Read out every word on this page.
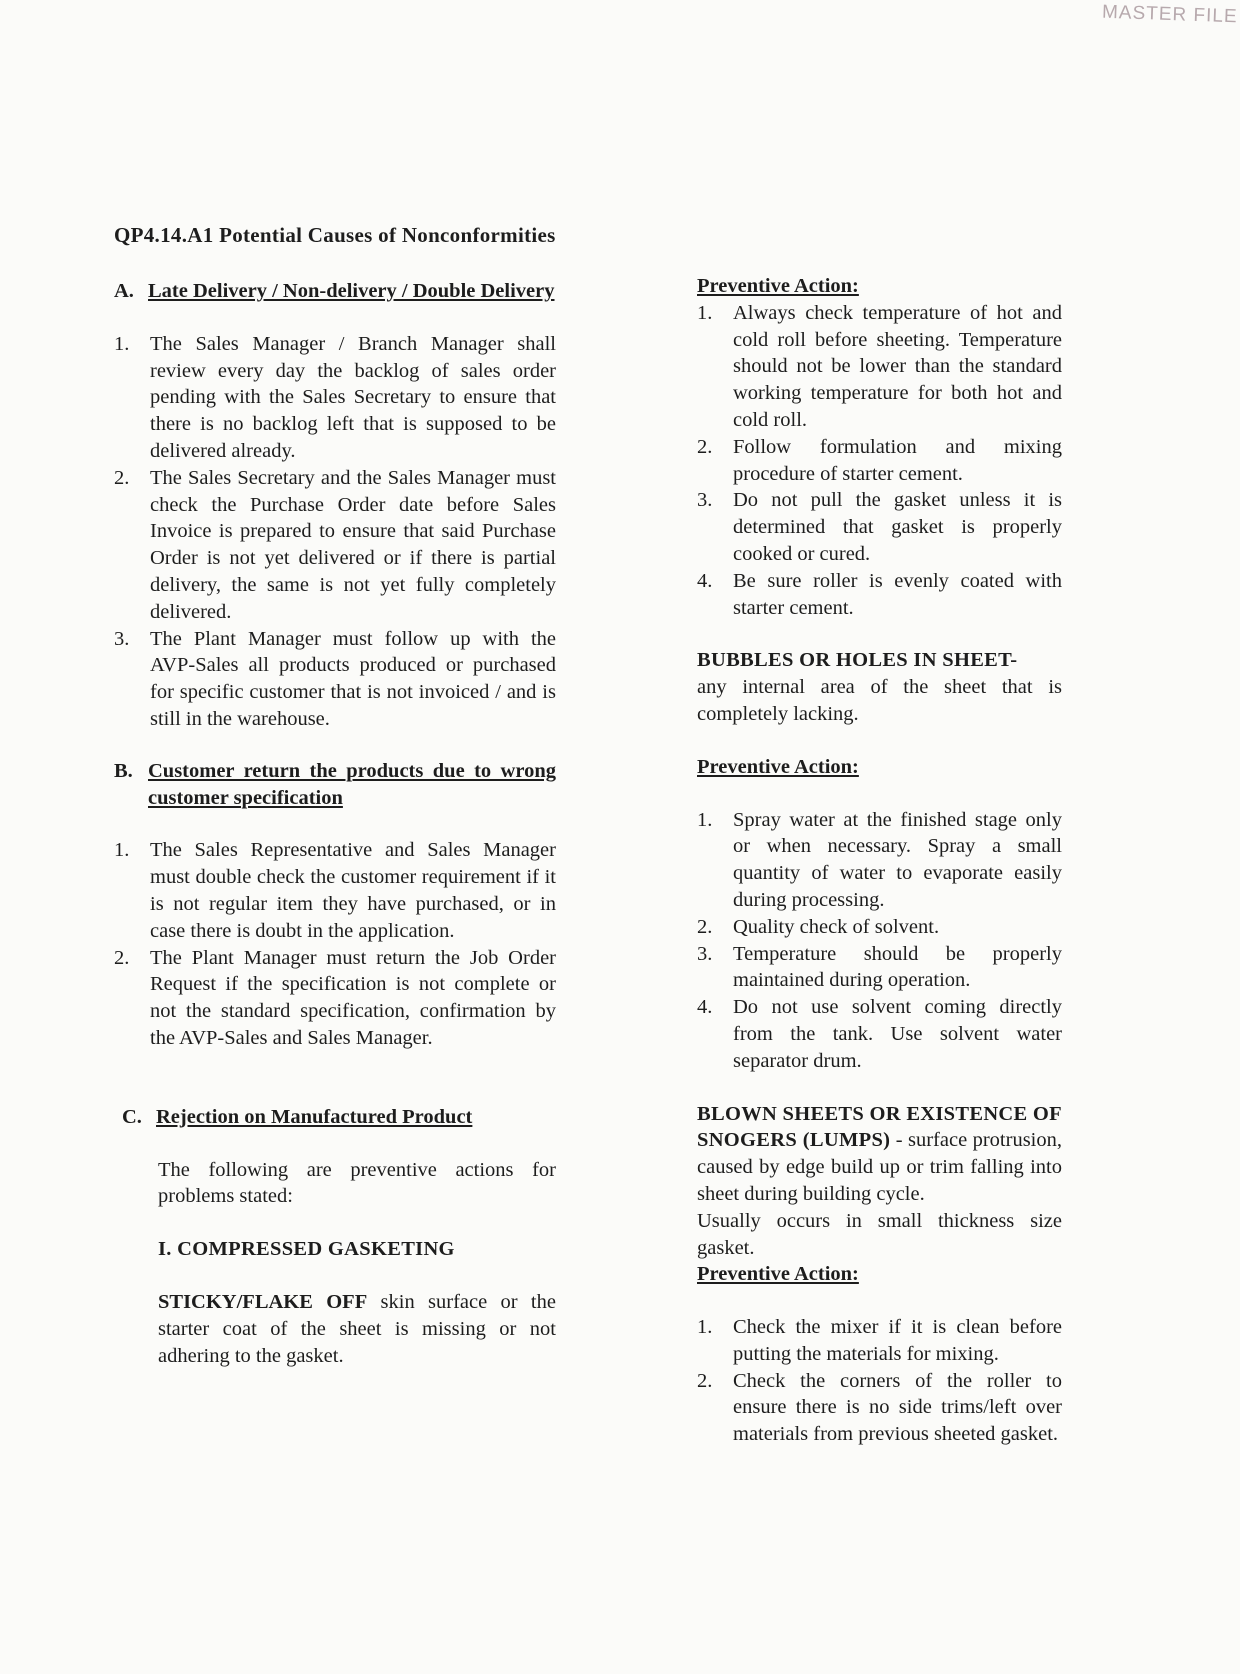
MASTER FILE
QP4.14.A1 Potential Causes of Nonconformities
A. Late Delivery / Non-delivery / Double Delivery
1.	The Sales Manager / Branch Manager shall review every day the backlog of sales order pending with the Sales Secretary to ensure that there is no backlog left that is supposed to be delivered already.
2.	The Sales Secretary and the Sales Manager must check the Purchase Order date before Sales Invoice is prepared to ensure that said Purchase Order is not yet delivered or if there is partial delivery, the same is not yet fully completely delivered.
3.	The Plant Manager must follow up with the AVP-Sales all products produced or purchased for specific customer that is not invoiced / and is still in the warehouse.
B. Customer return the products due to wrong customer specification
1.	The Sales Representative and Sales Manager must double check the customer requirement if it is not regular item they have purchased, or in case there is doubt in the application.
2.	The Plant Manager must return the Job Order Request if the specification is not complete or not the standard specification, confirmation by the AVP-Sales and Sales Manager.
C. Rejection on Manufactured Product
The following are preventive actions for problems stated:
I. COMPRESSED GASKETING
STICKY/FLAKE OFF skin surface or the starter coat of the sheet is missing or not adhering to the gasket.
Preventive Action:
1.	Always check temperature of hot and cold roll before sheeting. Temperature should not be lower than the standard working temperature for both hot and cold roll.
2.	Follow formulation and mixing procedure of starter cement.
3.	Do not pull the gasket unless it is determined that gasket is properly cooked or cured.
4.	Be sure roller is evenly coated with starter cement.
BUBBLES OR HOLES IN SHEET-
any internal area of the sheet that is completely lacking.
Preventive Action:
1.	Spray water at the finished stage only or when necessary. Spray a small quantity of water to evaporate easily during processing.
2.	Quality check of solvent.
3.	Temperature should be properly maintained during operation.
4.	Do not use solvent coming directly from the tank. Use solvent water separator drum.
BLOWN SHEETS OR EXISTENCE OF SNOGERS (LUMPS) - surface protrusion, caused by edge build up or trim falling into sheet during building cycle.
Usually occurs in small thickness size gasket.
Preventive Action:
1.	Check the mixer if it is clean before putting the materials for mixing.
2.	Check the corners of the roller to ensure there is no side trims/left over materials from previous sheeted gasket.
